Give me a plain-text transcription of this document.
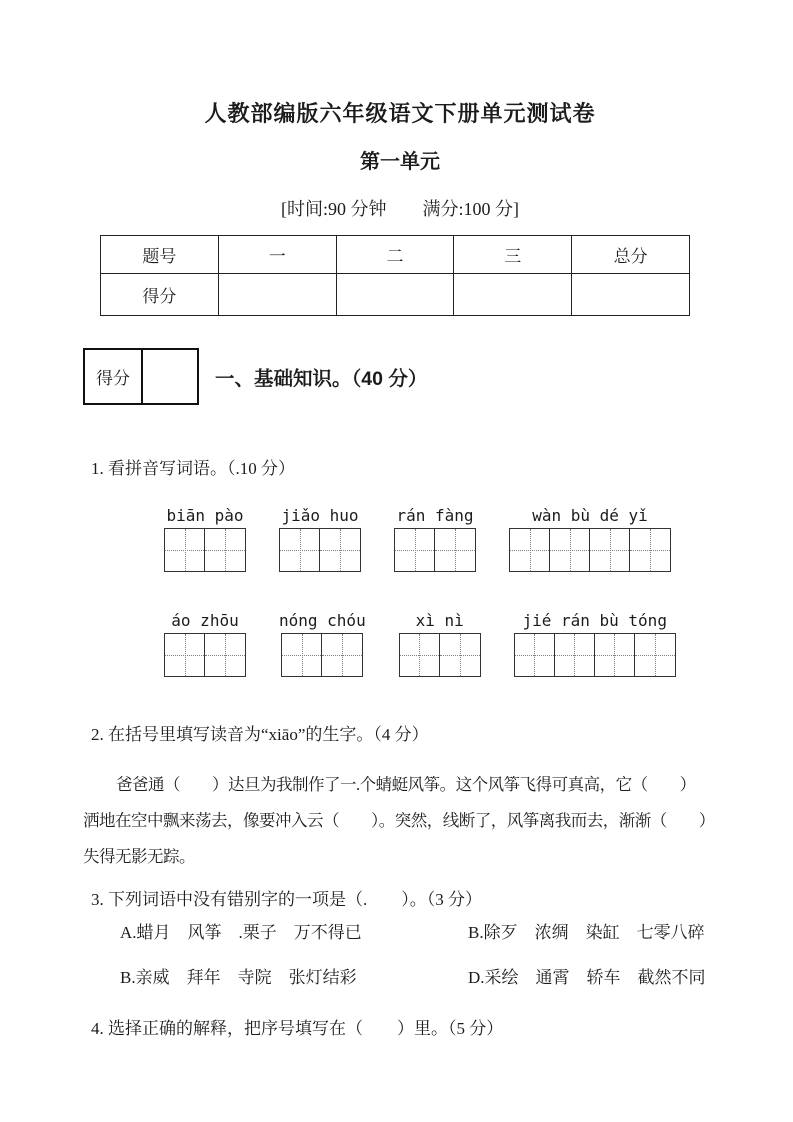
人教部编版六年级语文下册单元测试卷
第一单元
[时间:90 分钟　　满分:100 分]
题号	一	二	三	总分
得分				
得分	一、基础知识。（40 分）
1. 看拼音写词语。（.10 分）
biān pào jiǎo huo rán fàng	wàn bù dé yǐ
áo zhōu	nóng chóu	xì nì	jié rán bù tóng
2. 在括号里填写读音为“xiāo”的生字。（4 分）
爸爸通（　　）达旦为我制作了一.个蜻蜓风筝。这个风筝飞得可真高，它（　　）
洒地在空中飘来荡去，像要冲入云（　　）。突然，线断了，风筝离我而去，渐渐（　　）
失得无影无踪。
3. 下列词语中没有错别字的一项是（.　　）。（3 分）
A.蜡月　风筝　.栗子　万不得已	B.除歹　浓绸　染缸　七零八碎
B.亲威　拜年　寺院　张灯结彩	D.采绘　通霄　轿车　截然不同
4. 选择正确的解释，把序号填写在（　　）里。（5 分）
